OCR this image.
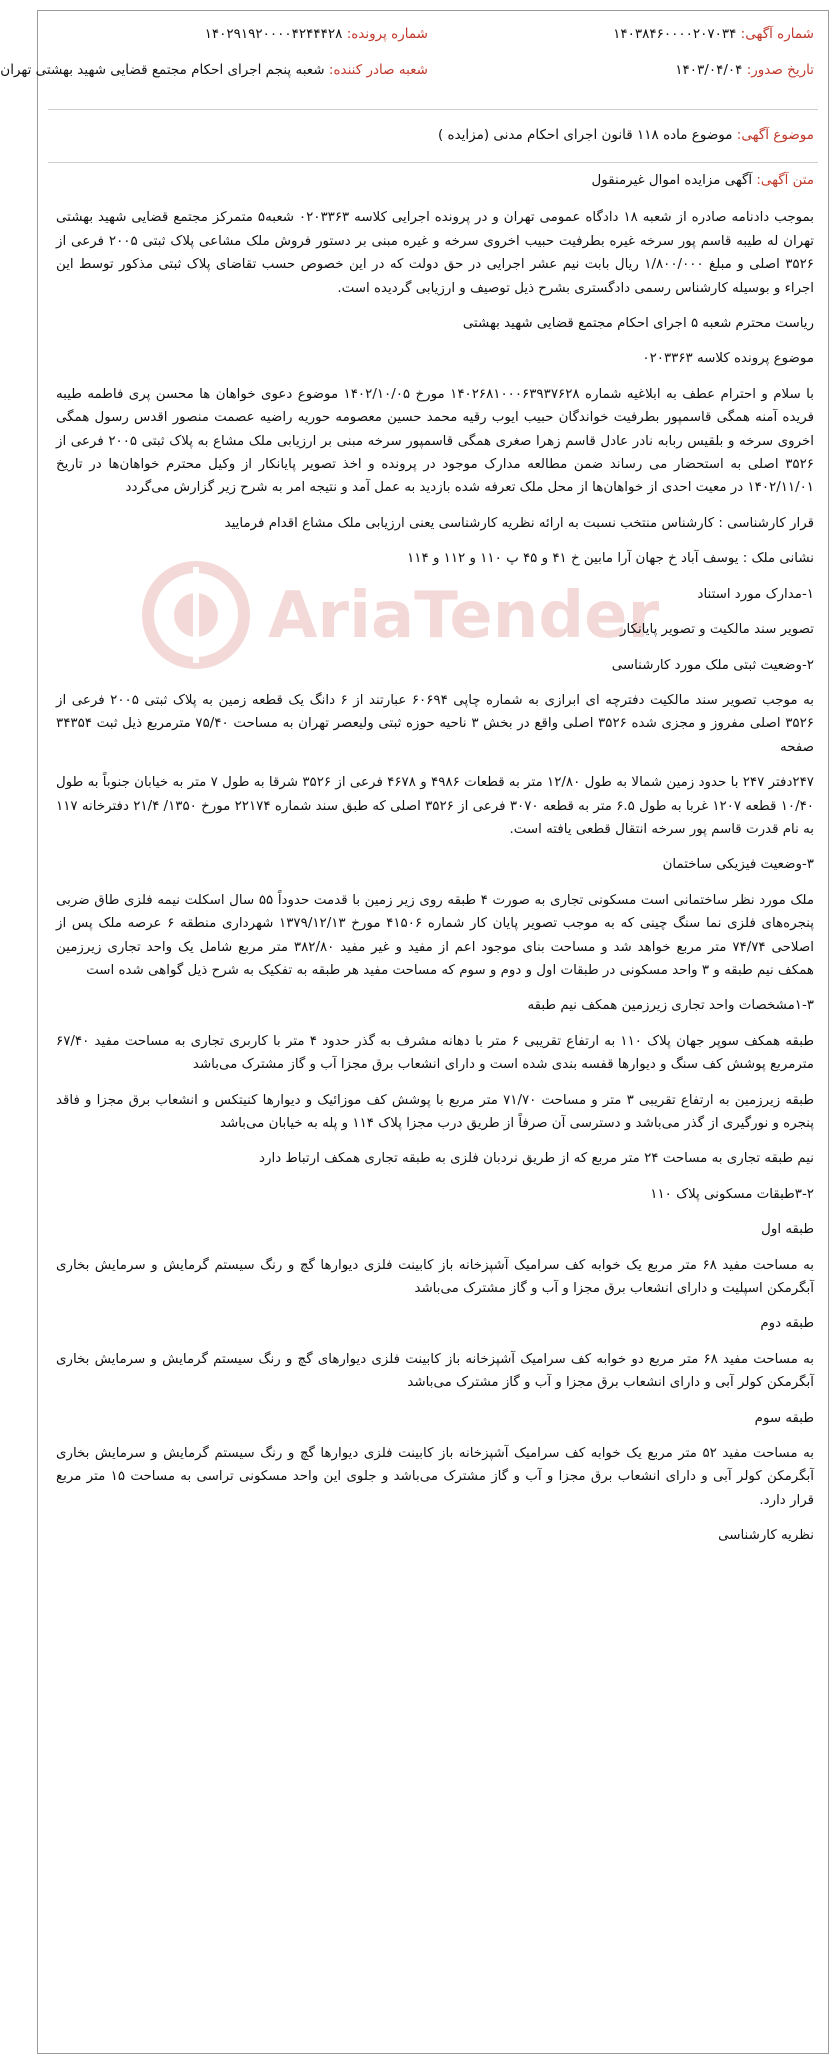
شماره آگهی: ۱۴۰۳۸۴۶۰۰۰۰۲۰۷۰۳۴
شماره پرونده: ۱۴۰۲۹۱۹۲۰۰۰۰۴۲۴۴۴۲۸
تاریخ صدور: ۱۴۰۳/۰۴/۰۴
شعبه صادر کننده: شعبه پنجم اجرای احکام مجتمع قضایی شهید بهشتی تهران
موضوع آگهی: موضوع ماده ۱۱۸ قانون اجرای احکام مدنی (مزایده )
AriaTender

متن آگهی: آگهی مزایده اموال غیرمنقول

بموجب دادنامه صادره از شعبه ۱۸ دادگاه عمومی تهران و در پرونده اجرایی کلاسه ۰۲۰۳۳۶۳ شعبه۵ متمرکز مجتمع قضایی شهید بهشتی تهران له طیبه قاسم پور سرخه غیره بطرفیت حبیب اخروی سرخه و غیره مبنی بر دستور فروش ملک مشاعی پلاک ثبتی ۲۰۰۵ فرعی از ۳۵۲۶ اصلی و مبلغ ۱/۸۰۰/۰۰۰ ریال بابت نیم عشر اجرایی در حق دولت که در این خصوص حسب تقاضای پلاک ثبتی مذکور توسط این اجراء و بوسیله کارشناس رسمی دادگستری بشرح ذیل توصیف و ارزیابی گردیده است.

ریاست محترم شعبه ۵ اجرای احکام مجتمع قضایی شهید بهشتی

موضوع پرونده کلاسه ۰۲۰۳۳۶۳

با سلام و احترام عطف به ابلاغیه شماره ۱۴۰۲۶۸۱۰۰۰۶۳۹۳۷۶۲۸ مورخ ۱۴۰۲/۱۰/۰۵ موضوع دعوی خواهان ها محسن پری فاطمه طیبه فریده آمنه همگی قاسمپور بطرفیت خواندگان حبیب ایوب رقیه محمد حسین معصومه حوریه راضیه عصمت منصور اقدس رسول همگی اخروی سرخه و بلقیس ربابه نادر عادل قاسم زهرا صغری همگی قاسمپور سرخه مبنی بر ارزیابی ملک مشاع به پلاک ثبتی ۲۰۰۵ فرعی از ۳۵۲۶ اصلی به استحضار می رساند ضمن مطالعه مدارک موجود در پرونده و اخذ تصویر پایانکار از وکیل محترم خواهان‌ها در تاریخ ۱۴۰۲/۱۱/۰۱ در معیت احدی از خواهان‌ها از محل ملک تعرفه شده بازدید به عمل آمد و نتیجه امر به شرح زیر گزارش می‌گردد

قرار کارشناسی : کارشناس منتخب نسبت به ارائه نظریه کارشناسی یعنی ارزیابی ملک مشاع اقدام فرمایید

نشانی ملک : یوسف آباد خ جهان آرا مابین خ ۴۱ و ۴۵ پ ۱۱۰ و ۱۱۲ و ۱۱۴

۱-مدارک مورد استناد

تصویر سند مالکیت و تصویر پایانکار

۲-وضعیت ثبتی ملک مورد کارشناسی

به موجب تصویر سند مالکیت دفترچه ای ابرازی به شماره چاپی ۶۰۶۹۴ عبارتند از ۶ دانگ یک قطعه زمین به پلاک ثبتی ۲۰۰۵ فرعی از ۳۵۲۶ اصلی مفروز و مجزی شده ۳۵۲۶ اصلی واقع در بخش ۳ ناحیه حوزه ثبتی ولیعصر تهران به مساحت ۷۵/۴۰ مترمربع ذیل ثبت ۳۴۳۵۴ صفحه

۲۴۷دفتر ۲۴۷ با حدود زمین شمالا به طول ۱۲/۸۰ متر به قطعات ۴۹۸۶ و ۴۶۷۸ فرعی از ۳۵۲۶ شرقا به طول ۷ متر به خیابان جنوباً به طول ۱۰/۴۰ قطعه ۱۲۰۷ غربا به طول ۶.۵ متر به قطعه ۳۰۷۰ فرعی از ۳۵۲۶ اصلی که طبق سند شماره ۲۲۱۷۴ مورخ ۱۳۵۰/ ۲۱/۴ دفترخانه ۱۱۷ به نام قدرت قاسم پور سرخه انتقال قطعی یافته است.

۳-وضعیت فیزیکی ساختمان

ملک مورد نظر ساختمانی است مسکونی تجاری به صورت ۴ طبقه روی زیر زمین با قدمت حدوداً ۵۵ سال اسکلت نیمه فلزی طاق ضربی پنجره‌های فلزی نما سنگ چینی که به موجب تصویر پایان کار شماره ۴۱۵۰۶ مورخ ۱۳۷۹/۱۲/۱۳ شهرداری منطقه ۶ عرصه ملک پس از اصلاحی ۷۴/۷۴ متر مربع خواهد شد و مساحت بنای موجود اعم از مفید و غیر مفید ۳۸۲/۸۰ متر مربع شامل یک واحد تجاری زیرزمین همکف نیم طبقه و ۳ واحد مسکونی در طبقات اول و دوم و سوم که مساحت مفید هر طبقه به تفکیک به شرح ذیل گواهی شده است

۱-۳مشخصات واحد تجاری زیرزمین همکف نیم طبقه

طبقه همکف سوپر جهان پلاک ۱۱۰ به ارتفاع تقریبی ۶ متر با دهانه مشرف به گذر حدود ۴ متر با کاربری تجاری به مساحت مفید ۶۷/۴۰ مترمربع پوشش کف سنگ و دیوارها قفسه بندی شده است و دارای انشعاب برق مجزا آب و گاز مشترک می‌باشد

طبقه زیرزمین به ارتفاع تقریبی ۳ متر و مساحت ۷۱/۷۰ متر مربع با پوشش کف موزائیک و دیوارها کنیتکس و انشعاب برق مجزا و فاقد پنجره و نورگیری از گذر می‌باشد و دسترسی آن صرفاً از طریق درب مجزا پلاک ۱۱۴ و پله به خیابان می‌باشد

نیم طبقه تجاری به مساحت ۲۴ متر مربع که از طریق نردبان فلزی به طبقه تجاری همکف ارتباط دارد

۳-۲طبقات مسکونی پلاک ۱۱۰

طبقه اول

به مساحت مفید ۶۸ متر مربع یک خوابه کف سرامیک آشپزخانه باز کابینت فلزی دیوارها گچ و رنگ سیستم گرمایش و سرمایش بخاری آبگرمکن اسپلیت و دارای انشعاب برق مجزا و آب و گاز مشترک می‌باشد

طبقه دوم

به مساحت مفید ۶۸ متر مربع دو خوابه کف سرامیک آشپزخانه باز کابینت فلزی دیوارهای گچ و رنگ سیستم گرمایش و سرمایش بخاری آبگرمکن کولر آبی و دارای انشعاب برق مجزا و آب و گاز مشترک می‌باشد

طبقه سوم

به مساحت مفید ۵۲ متر مربع یک خوابه کف سرامیک آشپزخانه باز کابینت فلزی دیوارها گچ و رنگ سیستم گرمایش و سرمایش بخاری آبگرمکن کولر آبی و دارای انشعاب برق مجزا و آب و گاز مشترک می‌باشد و جلوی این واحد مسکونی تراسی به مساحت ۱۵ متر مربع قرار دارد.

نظریه کارشناسی
